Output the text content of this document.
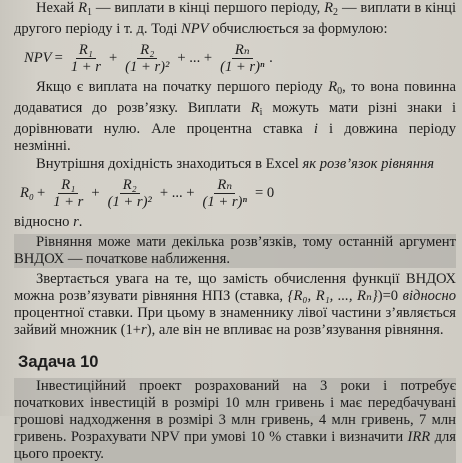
Нехай $R_1$ — виплати в кінці першого періоду, $R_2$ — виплати в кінці другого періоду і т. д. Тоді NPV обчислюється за формулою:

NPV = $\frac{\text{R₁}}{1 + r} + \frac{\text{R₂}}{\text{(1 + r)²}}$ + ... + $\frac{\text{Rₙ}}{\text{(1 + r)ⁿ}}$ .

Якщо є виплата на початку першого періоду $R_0$, то вона повинна додаватися до розв’язку. Виплати $R_i$ можуть мати різні знаки і дорівнювати нулю. Але процентна ставка i і довжина періоду незмінні.

Внутрішня дохідність знаходиться в Excel як розв’язок рівняння

$R_0 + \frac{\text{R₁}}{1 + r} + \frac{\text{R₂}}{\text{(1 + r)²}}$ + ... + $\frac{\text{Rₙ}}{\text{(1 + r)ⁿ}} = 0$

відносно r.

Рівняння може мати декілька розв’язків, тому останній аргумент ВНДОХ — початкове наближення.

Звертається увага на те, що замість обчислення функції ВНДОХ можна розв’язувати рівняння НПЗ (ставка, {R₀, R₁, ..., Rₙ})=0 відносно процентної ставки. При цьому в знаменнику лівої частини з’являється зайвий множник (1+r), але він не впливає на розв’язування рівняння.

Задача 10

Інвестиційний проект розрахований на 3 роки і потребує початкових інвестицій в розмірі 10 млн гривень і має передбачувані грошові надходження в розмірі 3 млн гривень, 4 млн гривень, 7 млн гривень. Розрахувати NPV при умові 10 % ставки і визначити IRR для цього проекту.
